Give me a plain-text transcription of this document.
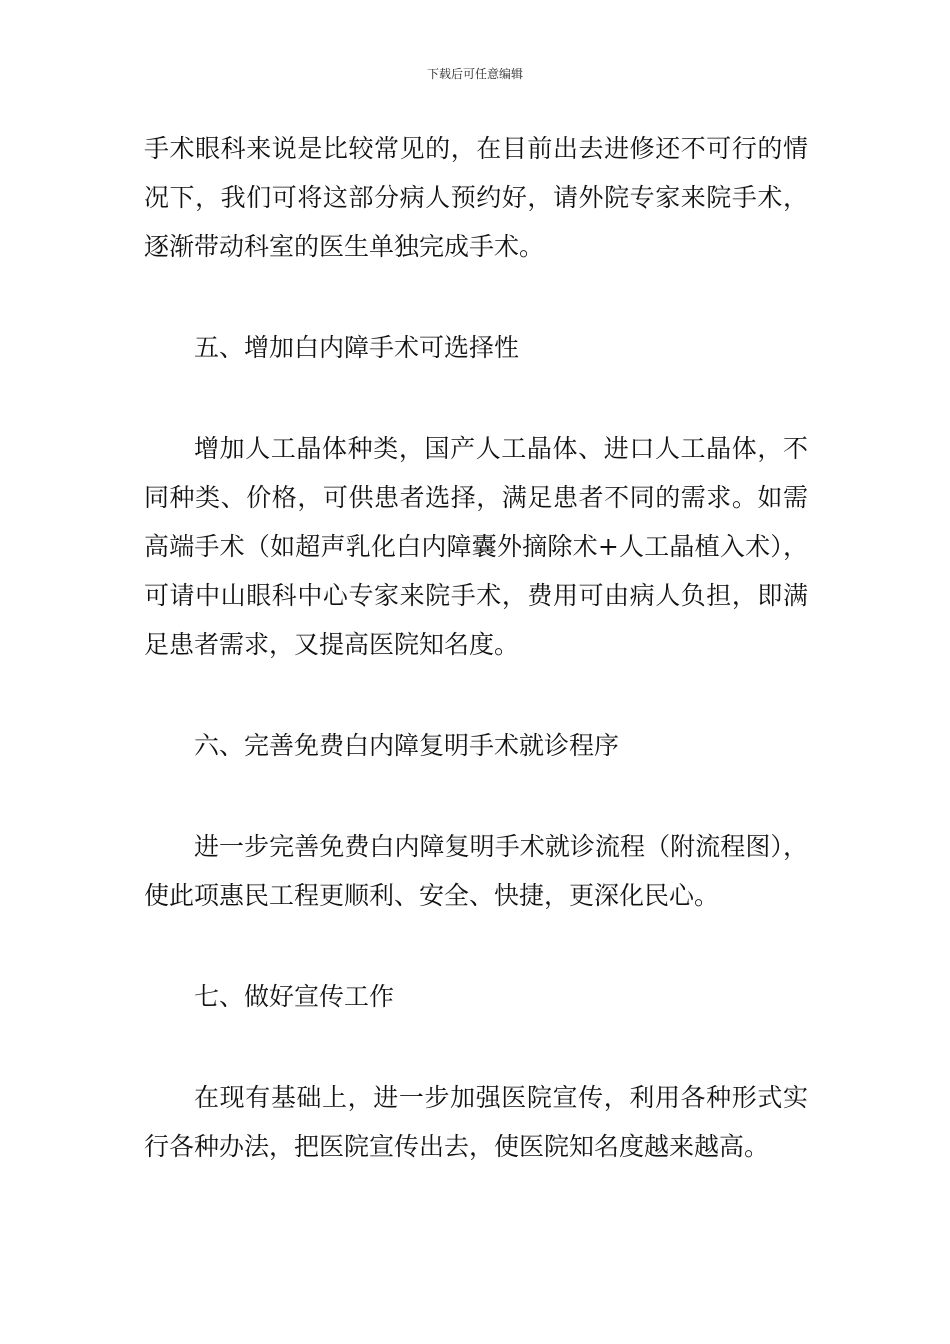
下载后可任意编辑

手术眼科来说是比较常见的，在目前出去进修还不可行的情况下，我们可将这部分病人预约好，请外院专家来院手术，逐渐带动科室的医生单独完成手术。

五、增加白内障手术可选择性

增加人工晶体种类，国产人工晶体、进口人工晶体，不同种类、价格，可供患者选择，满足患者不同的需求。如需高端手术（如超声乳化白内障囊外摘除术+人工晶植入术），可请中山眼科中心专家来院手术，费用可由病人负担，即满足患者需求，又提高医院知名度。

六、完善免费白内障复明手术就诊程序

进一步完善免费白内障复明手术就诊流程（附流程图），使此项惠民工程更顺利、安全、快捷，更深化民心。

七、做好宣传工作

在现有基础上，进一步加强医院宣传，利用各种形式实行各种办法，把医院宣传出去，使医院知名度越来越高。
